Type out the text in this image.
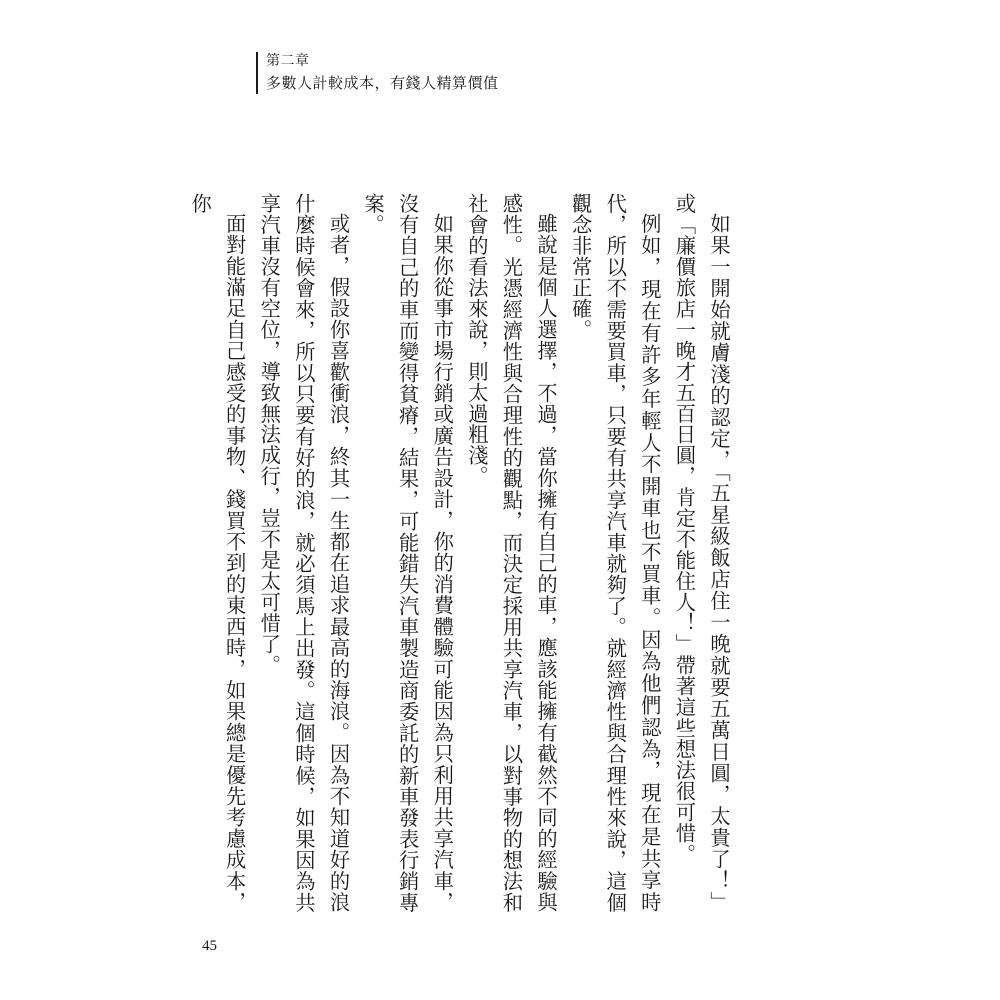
第二章
多數人計較成本，有錢人精算價值

如果一開始就膚淺的認定，「五星級飯店住一晚就要五萬日圓，太貴了！」或「廉價旅店一晚才五百日圓，肯定不能住人！」帶著這些想法很可惜。

例如，現在有許多年輕人不開車也不買車。因為他們認為，現在是共享時代，所以不需要買車，只要有共享汽車就夠了。就經濟性與合理性來說，這個觀念非常正確。

雖說是個人選擇，不過，當你擁有自己的車，應該能擁有截然不同的經驗與感性。光憑經濟性與合理性的觀點，而決定採用共享汽車，以對事物的想法和社會的看法來說，則太過粗淺。

如果你從事市場行銷或廣告設計，你的消費體驗可能因為只利用共享汽車，沒有自己的車而變得貧瘠，結果，可能錯失汽車製造商委託的新車發表行銷專案。

或者，假設你喜歡衝浪，終其一生都在追求最高的海浪。因為不知道好的浪什麼時候會來，所以只要有好的浪，就必須馬上出發。這個時候，如果因為共享汽車沒有空位，導致無法成行，豈不是太可惜了。

面對能滿足自己感受的事物、錢買不到的東西時，如果總是優先考慮成本，你

45
